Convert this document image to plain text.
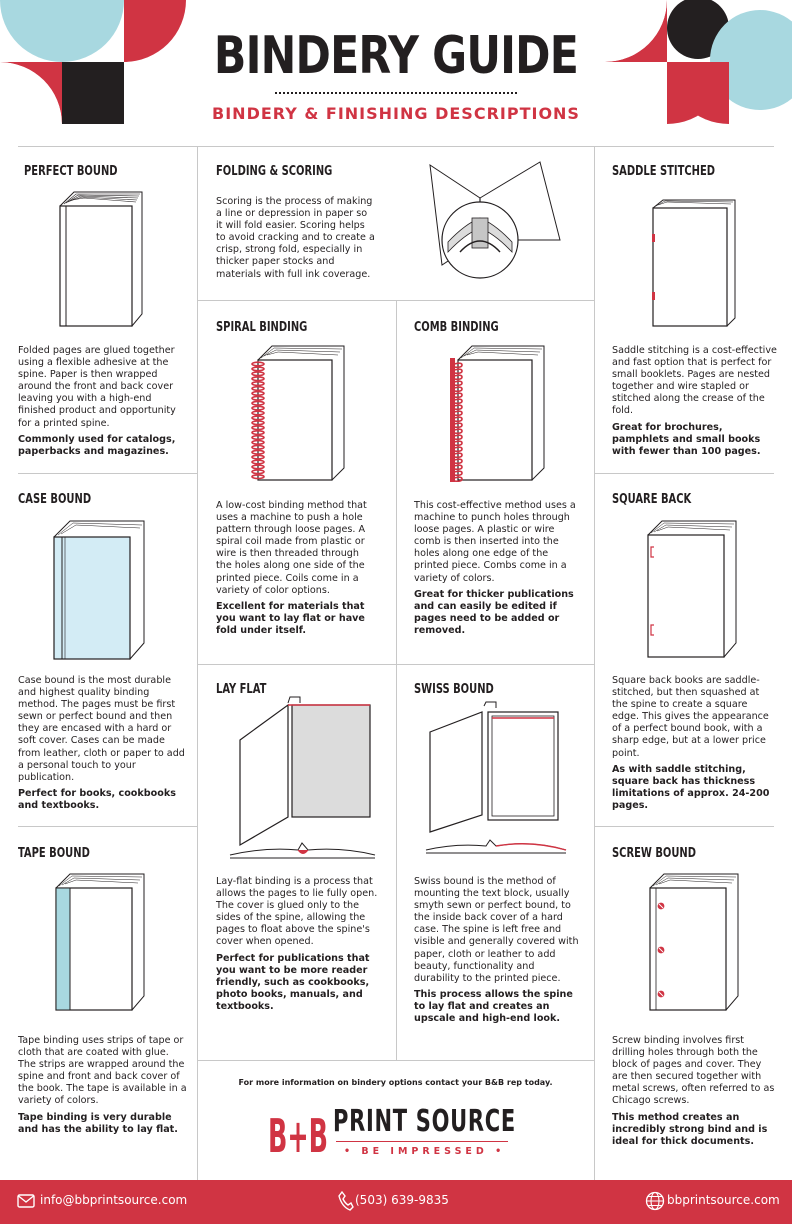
BINDERY GUIDE
BINDERY & FINISHING DESCRIPTIONS
PERFECT BOUND

Folded pages are glued together using a flexible adhesive at the spine. Paper is then wrapped around the front and back cover leaving you with a high-end finished product and opportunity for a printed spine.

Commonly used for catalogs, paperbacks and magazines.

FOLDING & SCORING

Scoring is the process of making a line or depression in paper so it will fold easier. Scoring helps to avoid cracking and to create a crisp, strong fold, especially in thicker paper stocks and materials with full ink coverage.

SADDLE STITCHED

Saddle stitching is a cost-effective and fast option that is perfect for small booklets. Pages are nested together and wire stapled or stitched along the crease of the fold.

Great for brochures, pamphlets and small books with fewer than 100 pages.

SPIRAL BINDING

A low-cost binding method that uses a machine to push a hole pattern through loose pages. A spiral coil made from plastic or wire is then threaded through the holes along one side of the printed piece. Coils come in a variety of color options.

Excellent for materials that you want to lay flat or have fold under itself.

COMB BINDING

This cost-effective method uses a machine to punch holes through loose pages. A plastic or wire comb is then inserted into the holes along one edge of the printed piece. Combs come in a variety of colors.

Great for thicker publications and can easily be edited if pages need to be added or removed.

CASE BOUND

Case bound is the most durable and highest quality binding method. The pages must be first sewn or perfect bound and then they are encased with a hard or soft cover. Cases can be made from leather, cloth or paper to add a personal touch to your publication.

Perfect for books, cookbooks and textbooks.

SQUARE BACK

Square back books are saddle-stitched, but then squashed at the spine to create a square edge. This gives the appearance of a perfect bound book, with a sharp edge, but at a lower price point.

As with saddle stitching, square back has thickness limitations of approx. 24-200 pages.

LAY FLAT

Lay-flat binding is a process that allows the pages to lie fully open. The cover is glued only to the sides of the spine, allowing the pages to float above the spine's cover when opened.

Perfect for publications that you want to be more reader friendly, such as cookbooks, photo books, manuals, and textbooks.

SWISS BOUND

Swiss bound is the method of mounting the text block, usually smyth sewn or perfect bound, to the inside back cover of a hard case. The spine is left free and visible and generally covered with paper, cloth or leather to add beauty, functionality and durability to the printed piece.

This process allows the spine to lay flat and creates an upscale and high-end look.

TAPE BOUND

Tape binding uses strips of tape or cloth that are coated with glue. The strips are wrapped around the spine and front and back cover of the book. The tape is available in a variety of colors.

Tape binding is very durable and has the ability to lay flat.

SCREW BOUND

Screw binding involves first drilling holes through both the block of pages and cover. They are then secured together with metal screws, often referred to as Chicago screws.

This method creates an incredibly strong bind and is ideal for thick documents.

For more information on bindery options contact your B&B rep today.
B+B PRINT SOURCE
• BE IMPRESSED •
info@bbprintsource.com	(503) 639-9835	bbprintsource.com
